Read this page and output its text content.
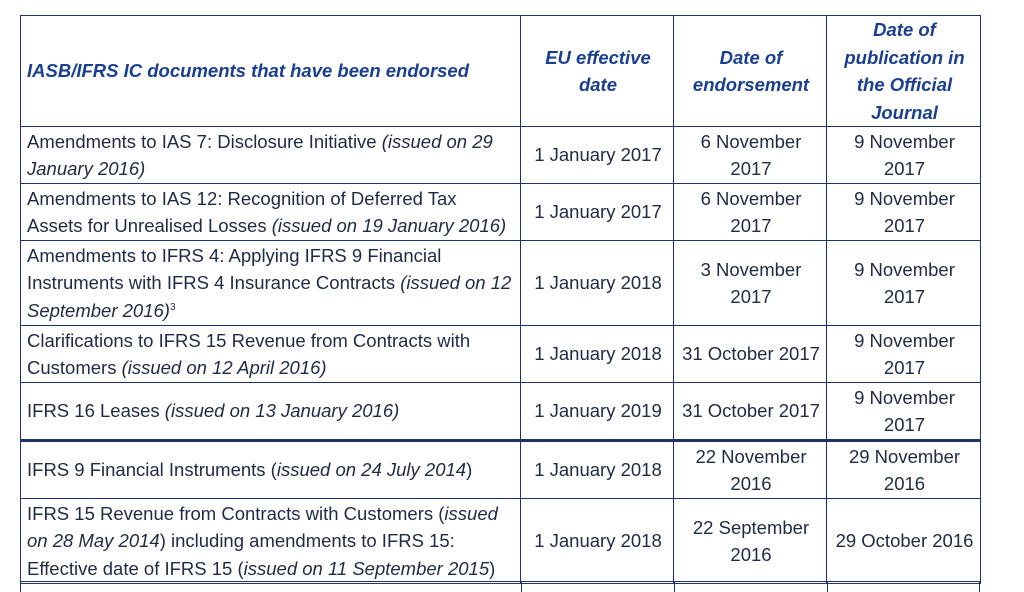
IASB/IFRS IC documents that have been endorsed	EU effective date	Date of endorsement	Date of publication in the Official Journal
Amendments to IAS 7: Disclosure Initiative (issued on 29 January 2016)	1 January 2017	6 November 2017	9 November 2017
Amendments to IAS 12: Recognition of Deferred Tax Assets for Unrealised Losses (issued on 19 January 2016)	1 January 2017	6 November 2017	9 November 2017
Amendments to IFRS 4: Applying IFRS 9 Financial Instruments with IFRS 4 Insurance Contracts (issued on 12 September 2016)$^3$	1 January 2018	3 November 2017	9 November 2017
Clarifications to IFRS 15 Revenue from Contracts with Customers (issued on 12 April 2016)	1 January 2018	31 October 2017	9 November 2017
IFRS 16 Leases (issued on 13 January 2016)	1 January 2019	31 October 2017	9 November 2017
IFRS 9 Financial Instruments (issued on 24 July 2014)	1 January 2018	22 November 2016	29 November 2016
IFRS 15 Revenue from Contracts with Customers (issued on 28 May 2014) including amendments to IFRS 15: Effective date of IFRS 15 (issued on 11 September 2015)	1 January 2018	22 September 2016	29 October 2016
